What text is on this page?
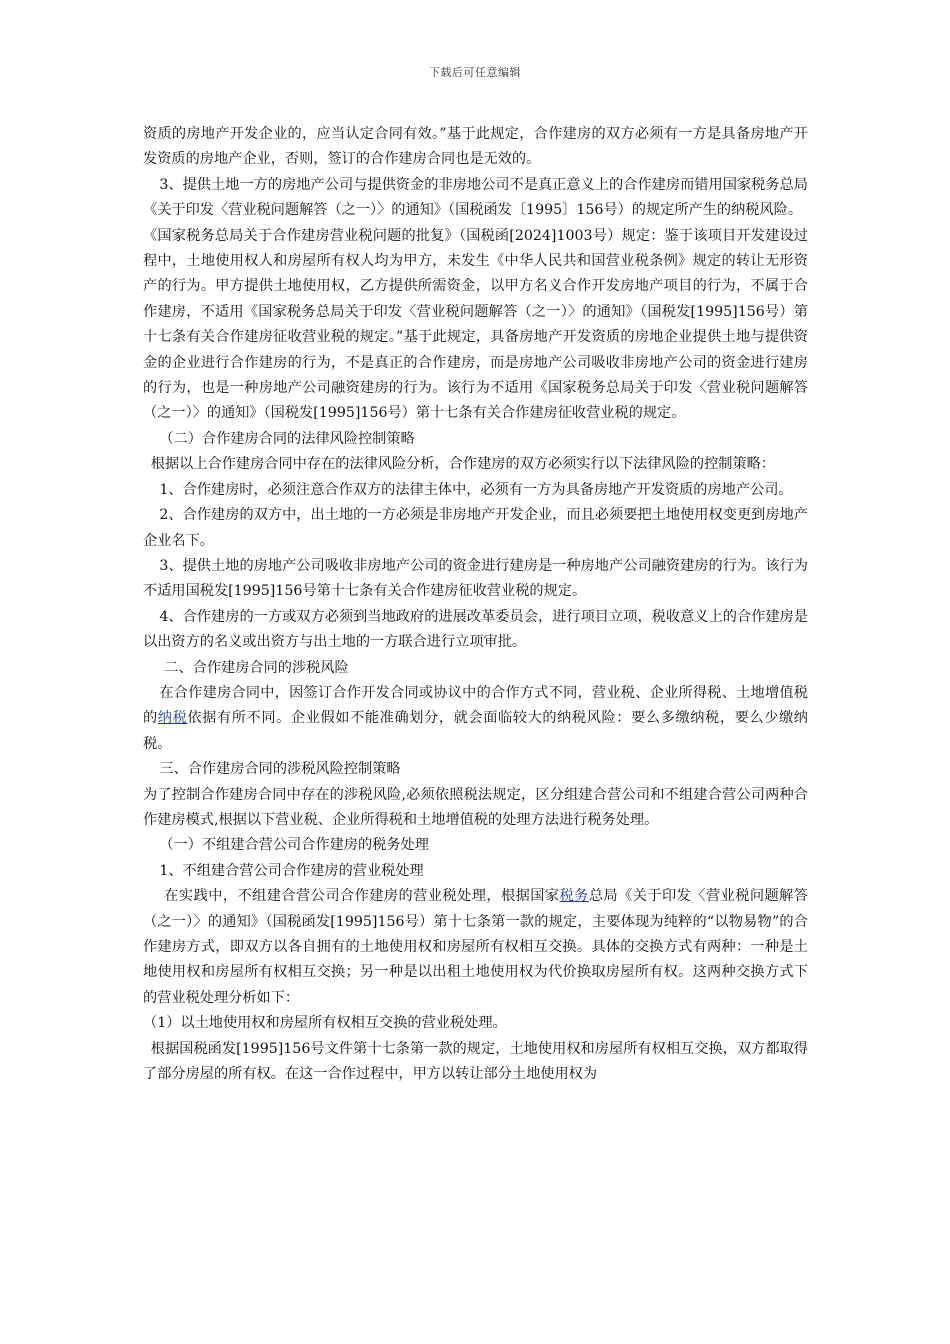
下载后可任意编辑

资质的房地产开发企业的，应当认定合同有效。”基于此规定，合作建房的双方必须有一方是具备房地产开发资质的房地产企业，否则，签订的合作建房合同也是无效的。

3、提供土地一方的房地产公司与提供资金的非房地公司不是真正意义上的合作建房而错用国家税务总局《关于印发〈营业税问题解答（之一）〉的通知》（国税函发〔1995〕156号）的规定所产生的纳税风险。

《国家税务总局关于合作建房营业税问题的批复》（国税函[2024]1003号）规定：鉴于该项目开发建设过程中，土地使用权人和房屋所有权人均为甲方，未发生《中华人民共和国营业税条例》规定的转让无形资产的行为。甲方提供土地使用权，乙方提供所需资金，以甲方名义合作开发房地产项目的行为，不属于合作建房，不适用《国家税务总局关于印发〈营业税问题解答（之一）〉的通知》（国税发[1995]156号）第十七条有关合作建房征收营业税的规定。”基于此规定，具备房地产开发资质的房地企业提供土地与提供资金的企业进行合作建房的行为，不是真正的合作建房，而是房地产公司吸收非房地产公司的资金进行建房的行为，也是一种房地产公司融资建房的行为。该行为不适用《国家税务总局关于印发〈营业税问题解答（之一）〉的通知》（国税发[1995]156号）第十七条有关合作建房征收营业税的规定。

（二）合作建房合同的法律风险控制策略

根据以上合作建房合同中存在的法律风险分析，合作建房的双方必须实行以下法律风险的控制策略：

1、合作建房时，必须注意合作双方的法律主体中，必须有一方为具备房地产开发资质的房地产公司。

2、合作建房的双方中，出土地的一方必须是非房地产开发企业，而且必须要把土地使用权变更到房地产企业名下。

3、提供土地的房地产公司吸收非房地产公司的资金进行建房是一种房地产公司融资建房的行为。该行为不适用国税发[1995]156号第十七条有关合作建房征收营业税的规定。

4、合作建房的一方或双方必须到当地政府的进展改革委员会，进行项目立项，税收意义上的合作建房是以出资方的名义或出资方与出土地的一方联合进行立项审批。

二、合作建房合同的涉税风险

在合作建房合同中，因签订合作开发合同或协议中的合作方式不同，营业税、企业所得税、土地增值税的纳税依据有所不同。企业假如不能准确划分，就会面临较大的纳税风险：要么多缴纳税，要么少缴纳税。

三、合作建房合同的涉税风险控制策略

为了控制合作建房合同中存在的涉税风险,必须依照税法规定，区分组建合营公司和不组建合营公司两种合作建房模式,根据以下营业税、企业所得税和土地增值税的处理方法进行税务处理。

（一）不组建合营公司合作建房的税务处理

1、不组建合营公司合作建房的营业税处理

在实践中，不组建合营公司合作建房的营业税处理，根据国家税务总局《关于印发〈营业税问题解答（之一）〉的通知》（国税函发[1995]156号）第十七条第一款的规定，主要体现为纯粹的“以物易物”的合作建房方式，即双方以各自拥有的土地使用权和房屋所有权相互交换。具体的交换方式有两种：一种是土地使用权和房屋所有权相互交换；另一种是以出租土地使用权为代价换取房屋所有权。这两种交换方式下的营业税处理分析如下：

（1）以土地使用权和房屋所有权相互交换的营业税处理。

根据国税函发[1995]156号文件第十七条第一款的规定，土地使用权和房屋所有权相互交换，双方都取得了部分房屋的所有权。在这一合作过程中，甲方以转让部分土地使用权为
